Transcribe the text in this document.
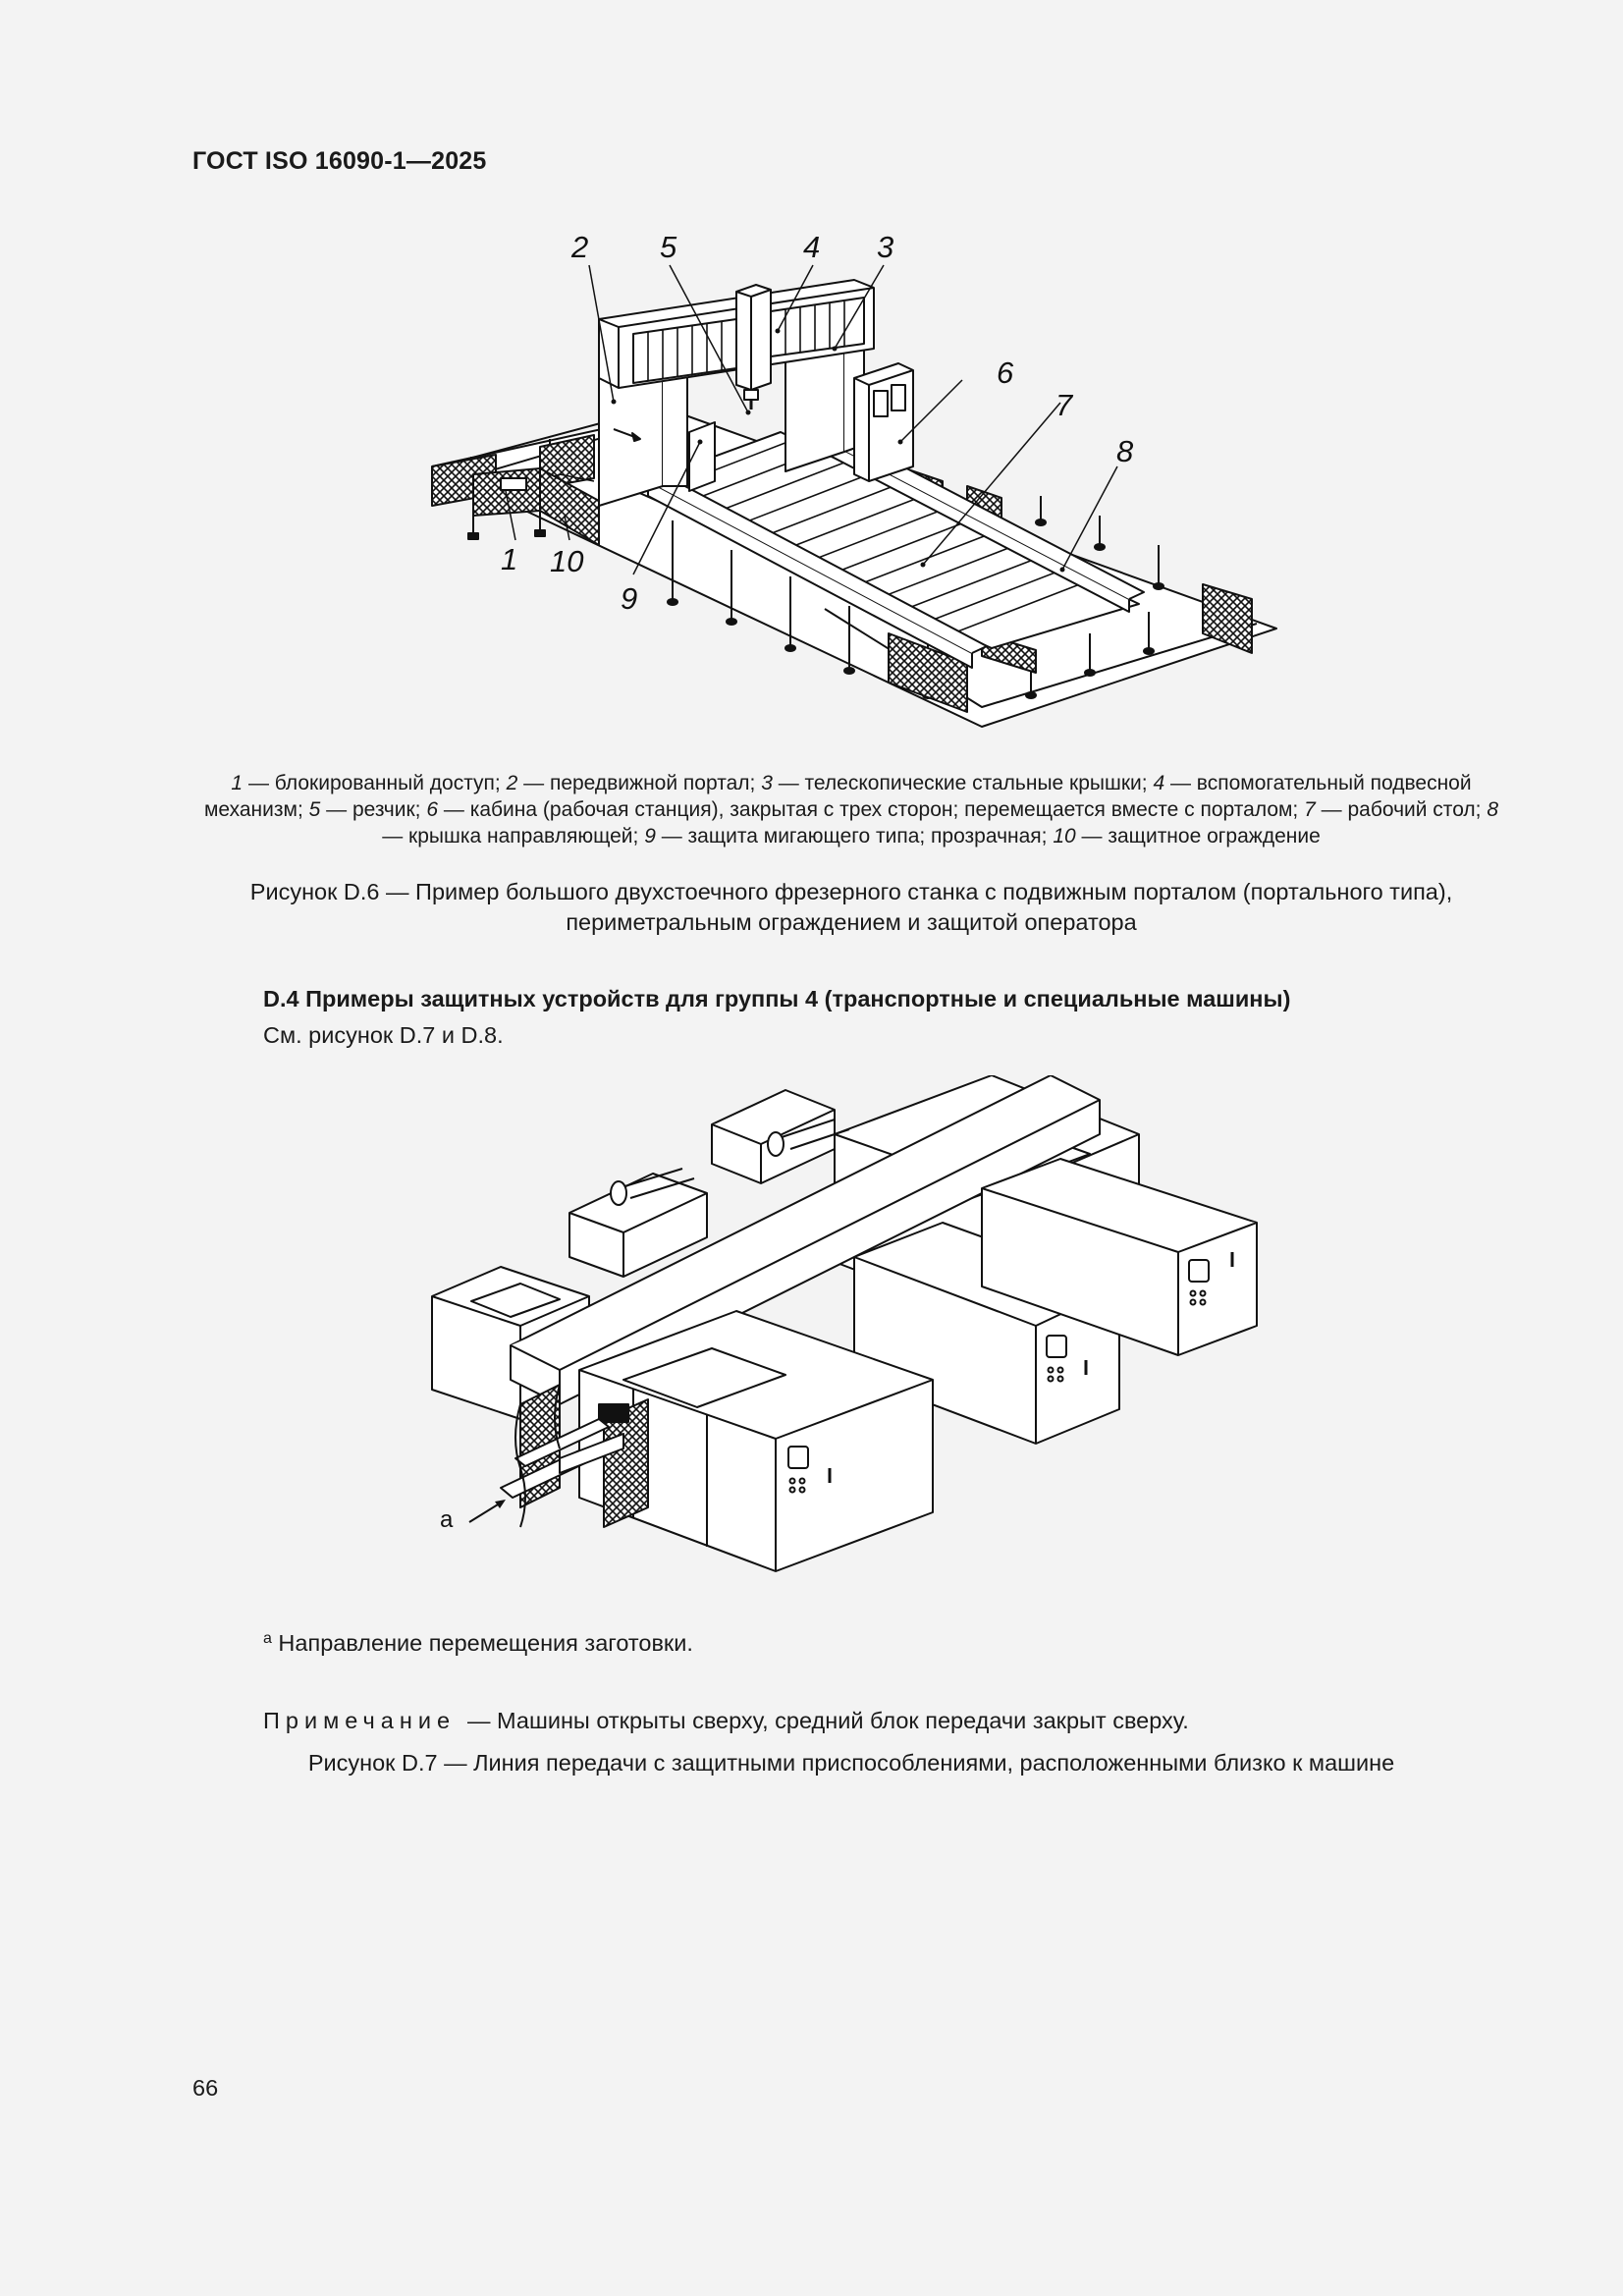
ГОСТ ISO 16090-1—2025
2 5	4 3
6
7
8
1 10
9
1 — блокированный доступ; 2 — передвижной портал; 3 — телескопические стальные крышки; 4 — вспомогательный подвесной механизм; 5 — резчик; 6 — кабина (рабочая станция), закрытая с трех сторон; перемещается вместе с порталом; 7 — рабочий стол; 8 — крышка направляющей; 9 — защита мигающего типа; прозрачная; 10 — защитное ограждение
Рисунок D.6 — Пример большого двухстоечного фрезерного станка с подвижным порталом (портального типа), периметральным ограждением и защитой оператора
D.4 Примеры защитных устройств для группы 4 (транспортные и специальные машины)
См. рисунок D.7 и D.8.
a
$^a$ Направление перемещения заготовки.
Примечание — Машины открыты сверху, средний блок передачи закрыт сверху.
Рисунок D.7 — Линия передачи с защитными приспособлениями, расположенными близко к машине
66
